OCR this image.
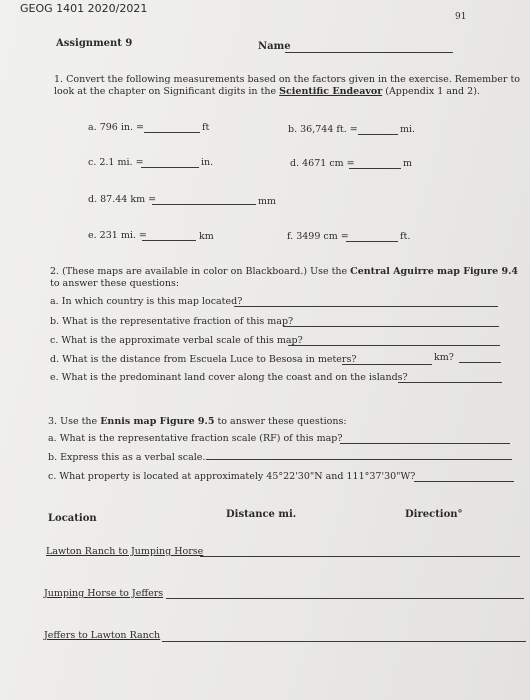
GEOG 1401 2020/2021
91
Assignment 9	Name
1. Convert the following measurements based on the factors given in the exercise. Remember to
look at the chapter on Significant digits in the Scientific Endeavor (Appendix 1 and 2).
a. 796 in. =	ft	b. 36,744 ft. =	mi.
c. 2.1 mi. =	in.	d. 4671 cm =	m
d. 87.44 km =	mm
e. 231 mi. =	km	f. 3499 cm =	ft.
2. (These maps are available in color on Blackboard.) Use the Central Aguirre map Figure 9.4
to answer these questions:
a. In which country is this map located?
b. What is the representative fraction of this map?
c. What is the approximate verbal scale of this map?
d. What is the distance from Escuela Luce to Besosa in meters?	km?
e. What is the predominant land cover along the coast and on the islands?
3. Use the Ennis map Figure 9.5 to answer these questions:
a. What is the representative fraction scale (RF) of this map?
b. Express this as a verbal scale.
c. What property is located at approximately 45°22'30"N and 111°37'30"W?
Location	Distance mi.	Direction°
Lawton Ranch to Jumping Horse
Jumping Horse to Jeffers
Jeffers to Lawton Ranch
